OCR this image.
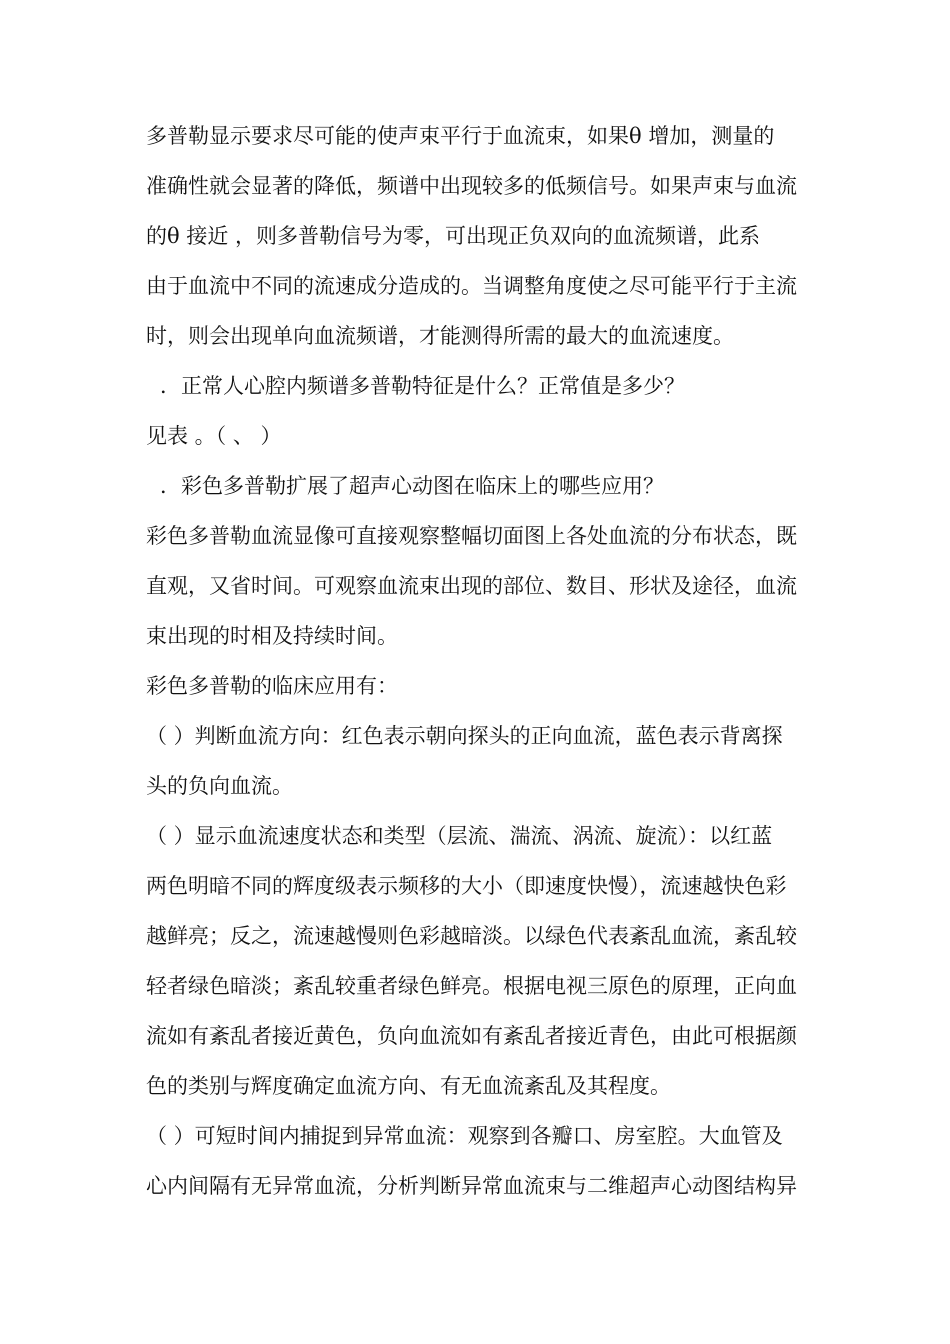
多普勒显示要求尽可能的使声束平行于血流束，如果θ 增加，测量的
准确性就会显著的降低，频谱中出现较多的低频信号。如果声束与血流
的θ 接近 ，则多普勒信号为零，可出现正负双向的血流频谱，此系
由于血流中不同的流速成分造成的。当调整角度使之尽可能平行于主流
时，则会出现单向血流频谱，才能测得所需的最大的血流速度。
．正常人心腔内频谱多普勒特征是什么？正常值是多少？
见表 。（ 、 ）
．彩色多普勒扩展了超声心动图在临床上的哪些应用？
彩色多普勒血流显像可直接观察整幅切面图上各处血流的分布状态，既
直观，又省时间。可观察血流束出现的部位、数目、形状及途径，血流
束出现的时相及持续时间。
彩色多普勒的临床应用有：
（ ）判断血流方向：红色表示朝向探头的正向血流，蓝色表示背离探
头的负向血流。
（ ）显示血流速度状态和类型（层流、湍流、涡流、旋流）：以红蓝
两色明暗不同的辉度级表示频移的大小（即速度快慢），流速越快色彩
越鲜亮；反之，流速越慢则色彩越暗淡。以绿色代表紊乱血流，紊乱较
轻者绿色暗淡；紊乱较重者绿色鲜亮。根据电视三原色的原理，正向血
流如有紊乱者接近黄色，负向血流如有紊乱者接近青色，由此可根据颜
色的类别与辉度确定血流方向、有无血流紊乱及其程度。
（ ）可短时间内捕捉到异常血流：观察到各瓣口、房室腔。大血管及
心内间隔有无异常血流，分析判断异常血流束与二维超声心动图结构异
